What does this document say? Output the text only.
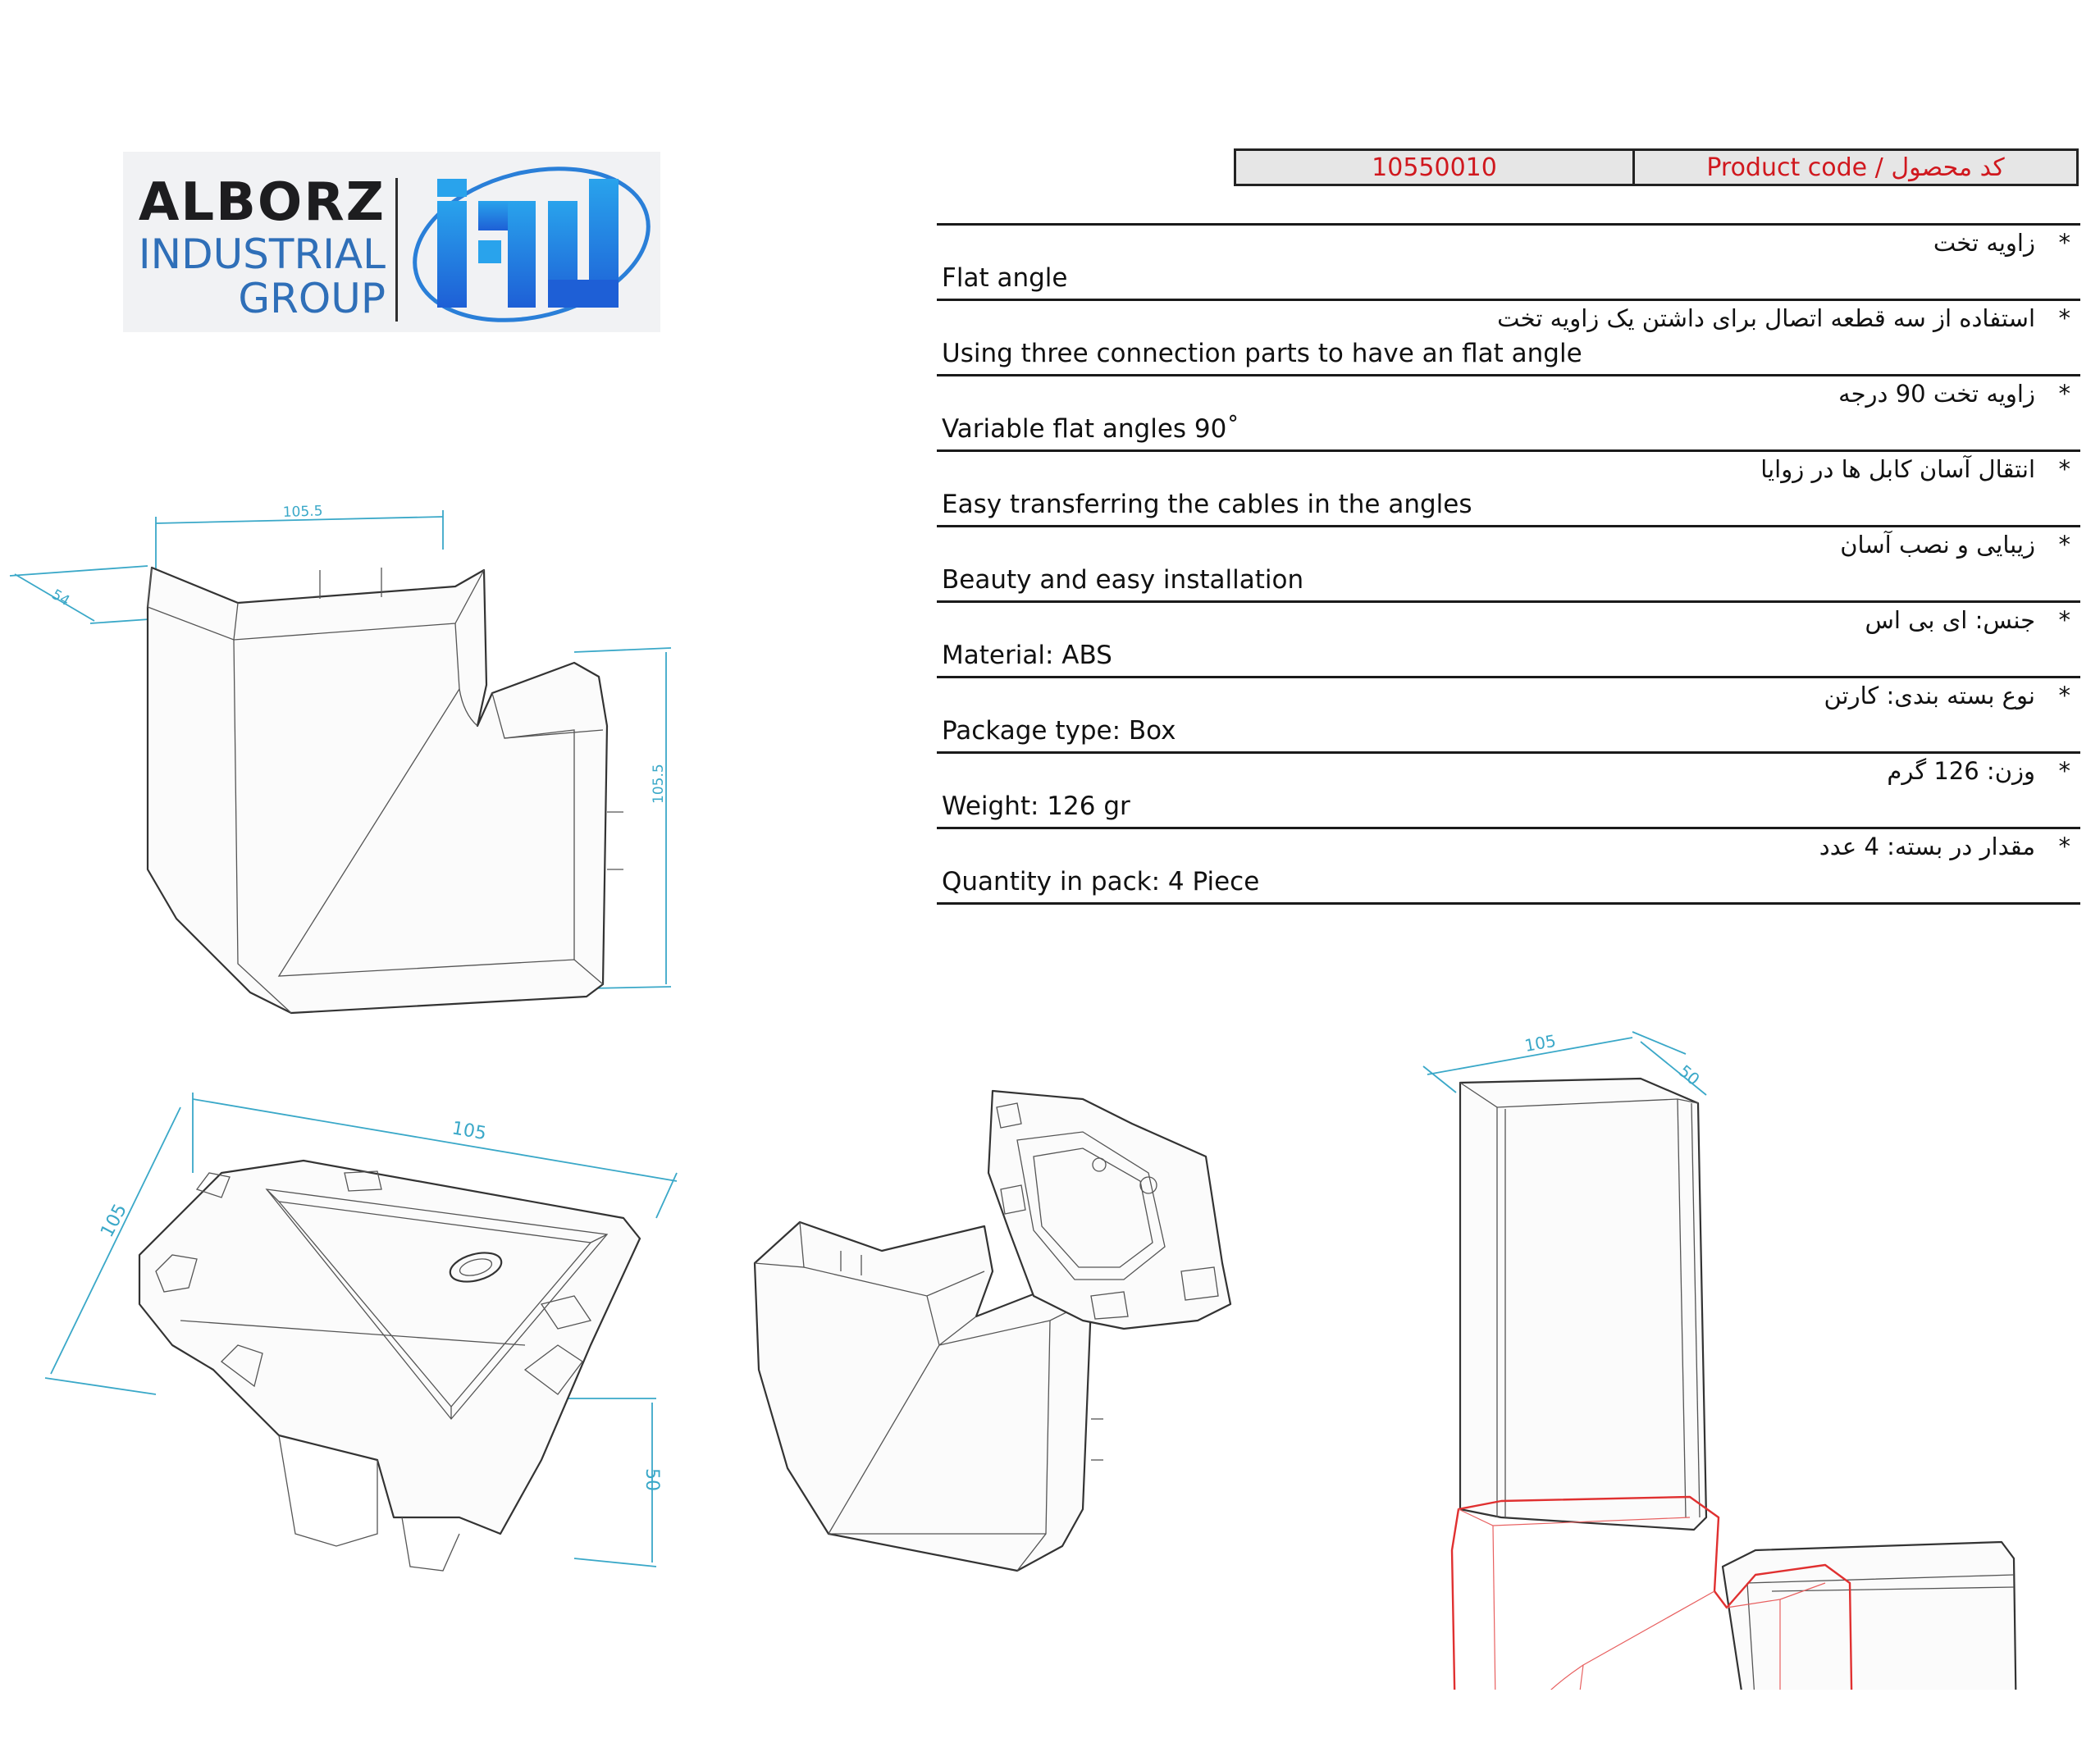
ALBORZ
INDUSTRIAL
GROUP
10550010	Product code / کد محصول
*
زاویه تخت
Flat angle
*
استفاده از سه قطعه اتصال برای داشتن یک زاویه تخت
Using three connection parts to have an flat angle
*
زاویه تخت 90 درجه
Variable flat angles 90˚
*
انتقال آسان کابل ها در زوایا
Easy transferring the cables in the angles
*
زیبایی و نصب آسان
Beauty and easy installation
*
جنس: ای بی اس
Material: ABS
*
نوع بسته بندی: کارتن
Package type: Box
*
وزن: 126 گرم
Weight: 126 gr
*
مقدار در بسته: 4 عدد
Quantity in pack: 4 Piece
105.5
54
105.5
105
105
50
105
50
